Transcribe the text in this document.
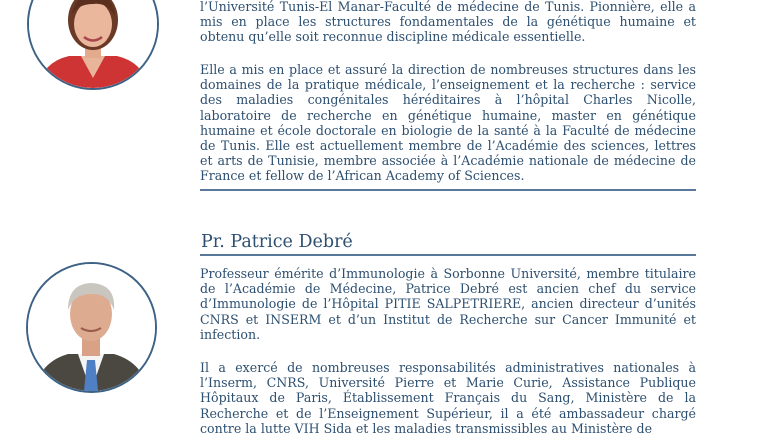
l’Université Tunis-El Manar-Faculté de médecine de Tunis. Pionnière, elle a mis en place les structures fondamentales de la génétique humaine et obtenu qu’elle soit reconnue discipline médicale essentielle.

Elle a mis en place et assuré la direction de nombreuses structures dans les domaines de la pratique médicale, l’enseignement et la recherche : service des maladies congénitales héréditaires à l’hôpital Charles Nicolle, laboratoire de recherche en génétique humaine, master en génétique humaine et école doctorale en biologie de la santé à la Faculté de médecine de Tunis. Elle est actuellement membre de l’Académie des sciences, lettres et arts de Tunisie, membre associée à l’Académie nationale de médecine de France et fellow de l’African Academy of Sciences.

Pr. Patrice Debré

Professeur émérite d’Immunologie à Sorbonne Université, membre titulaire de l’Académie de Médecine, Patrice Debré est ancien chef du service d’Immunologie de l’Hôpital PITIE SALPETRIERE, ancien directeur d’unités CNRS et INSERM et d’un Institut de Recherche sur Cancer Immunité et infection.

Il a exercé de nombreuses responsabilités administratives nationales à l’Inserm, CNRS, Université Pierre et Marie Curie, Assistance Publique Hôpitaux de Paris, Établissement Français du Sang, Ministère de la Recherche et de l’Enseignement Supérieur, il a été ambassadeur chargé contre la lutte VIH Sida et les maladies transmissibles au Ministère de
